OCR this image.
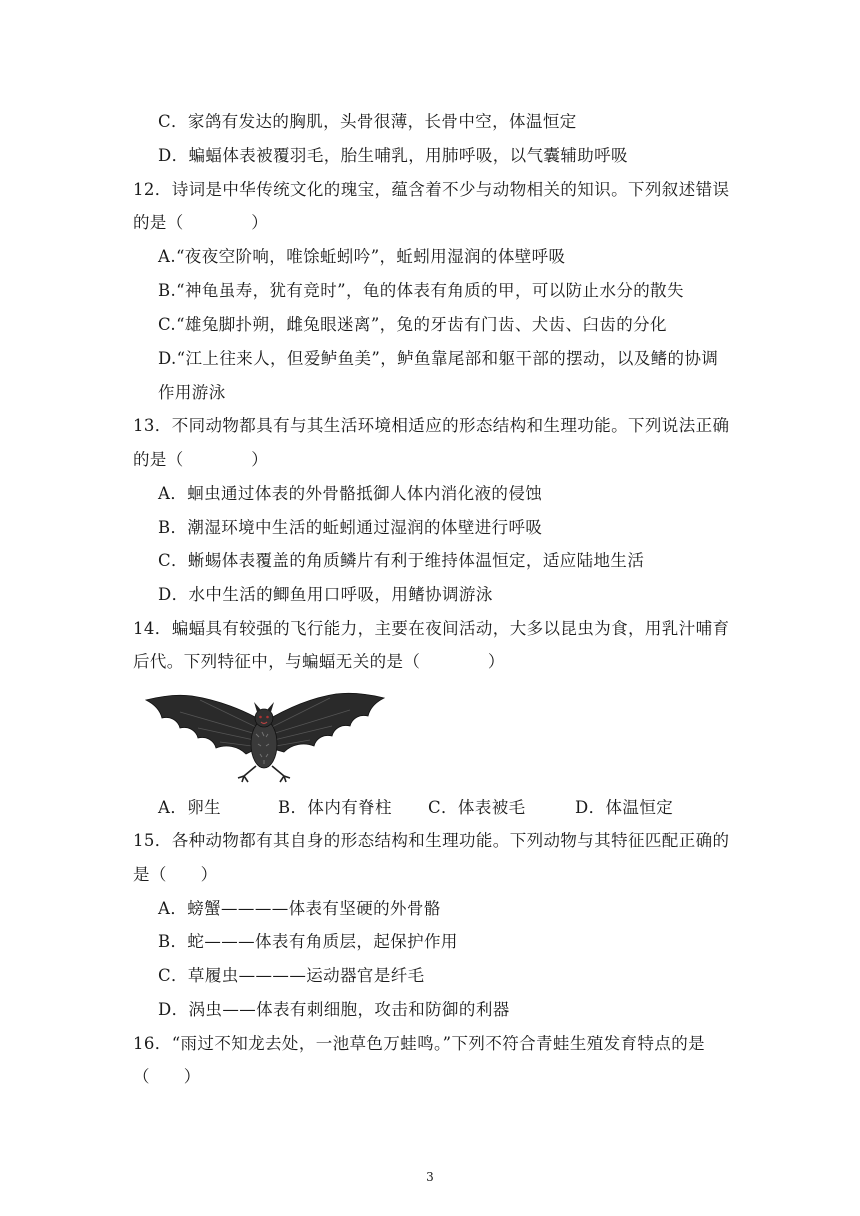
C．家鸽有发达的胸肌，头骨很薄，长骨中空，体温恒定
D．蝙蝠体表被覆羽毛，胎生哺乳，用肺呼吸，以气囊辅助呼吸
12．诗词是中华传统文化的瑰宝，蕴含着不少与动物相关的知识。下列叙述错误
的是（　　　　）
A.“夜夜空阶响，唯馀蚯蚓吟”，蚯蚓用湿润的体壁呼吸
B.“神龟虽寿，犹有竞时”，龟的体表有角质的甲，可以防止水分的散失
C.“雄兔脚扑朔，雌兔眼迷离”，兔的牙齿有门齿、犬齿、臼齿的分化
D.“江上往来人，但爱鲈鱼美”，鲈鱼靠尾部和躯干部的摆动，以及鳍的协调
作用游泳
13．不同动物都具有与其生活环境相适应的形态结构和生理功能。下列说法正确
的是（　　　　）
A．蛔虫通过体表的外骨骼抵御人体内消化液的侵蚀
B．潮湿环境中生活的蚯蚓通过湿润的体壁进行呼吸
C．蜥蜴体表覆盖的角质鳞片有利于维持体温恒定，适应陆地生活
D．水中生活的鲫鱼用口呼吸，用鳍协调游泳
14．蝙蝠具有较强的飞行能力，主要在夜间活动，大多以昆虫为食，用乳汁哺育
后代。下列特征中，与蝙蝠无关的是（　　　　）
A．卵生	B．体内有脊柱 C．体表被毛	D．体温恒定
15．各种动物都有其自身的形态结构和生理功能。下列动物与其特征匹配正确的
是（　　）
A．螃蟹————体表有坚硬的外骨骼
B．蛇———体表有角质层，起保护作用
C．草履虫————运动器官是纤毛
D．涡虫——体表有刺细胞，攻击和防御的利器
16．“雨过不知龙去处，一池草色万蛙鸣。”下列不符合青蛙生殖发育特点的是
（　　）
3
